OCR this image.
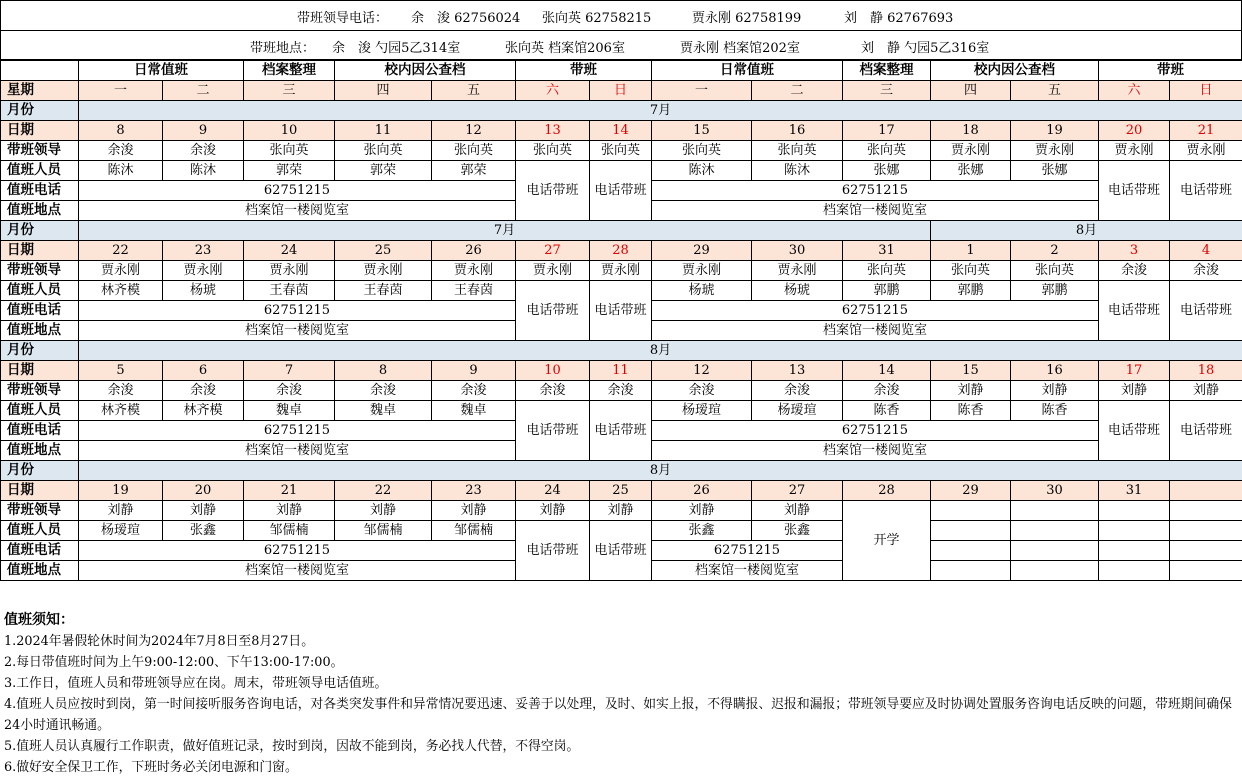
带班领导电话： 余　浚 62756024 张向英 62758215	贾永刚 62758199	刘　静 62767693
带班地点： 余　浚 勺园5乙314室	张向英 档案馆206室	贾永刚 档案馆202室	刘　静 勺园5乙316室
	日常值班		档案整理	校内因公查档		带班		日常值班		档案整理	校内因公查档		带班	
星期	一	二	三	四	五	六	日	一	二	三	四	五	六	日
月份	7月													
日期	8	9	10	11	12	13	14	15	16	17	18	19	20	21
带班领导	余浚	余浚	张向英	张向英	张向英	张向英	张向英	张向英	张向英	张向英	贾永刚	贾永刚	贾永刚	贾永刚
值班人员	陈沐	陈沐	郭荣	郭荣	郭荣	电话带班	电话带班	陈沐	陈沐	张娜	张娜	张娜	电话带班	电话带班
值班电话	62751215							62751215						
值班地点	档案馆一楼阅览室							档案馆一楼阅览室						
月份	7月										8月			
日期	22	23	24	25	26	27	28	29	30	31	1	2	3	4
带班领导	贾永刚	贾永刚	贾永刚	贾永刚	贾永刚	贾永刚	贾永刚	贾永刚	贾永刚	张向英	张向英	张向英	余浚	余浚
值班人员	林齐模	杨琥	王春茵	王春茵	王春茵	电话带班	电话带班	杨琥	杨琥	郭鹏	郭鹏	郭鹏	电话带班	电话带班
值班电话	62751215							62751215						
值班地点	档案馆一楼阅览室							档案馆一楼阅览室						
月份	8月													
日期	5	6	7	8	9	10	11	12	13	14	15	16	17	18
带班领导	余浚	余浚	余浚	余浚	余浚	余浚	余浚	余浚	余浚	余浚	刘静	刘静	刘静	刘静
值班人员	林齐模	林齐模	魏卓	魏卓	魏卓	电话带班	电话带班	杨瑷瑄	杨瑷瑄	陈香	陈香	陈香	电话带班	电话带班
值班电话	62751215							62751215						
值班地点	档案馆一楼阅览室							档案馆一楼阅览室						
月份	8月													
日期	19	20	21	22	23	24	25	26	27	28	29	30	31	
带班领导	刘静	刘静	刘静	刘静	刘静	刘静	刘静	刘静	刘静	开学				
值班人员	杨瑷瑄	张鑫	邹儒楠	邹儒楠	邹儒楠	电话带班	电话带班	张鑫	张鑫					
值班电话	62751215							62751215						
值班地点	档案馆一楼阅览室							档案馆一楼阅览室						
值班须知：
1.2024年暑假轮休时间为2024年7月8日至8月27日。
2.每日带值班时间为上午9:00-12:00、下午13:00-17:00。
3.工作日，值班人员和带班领导应在岗。周末，带班领导电话值班。
4.值班人员应按时到岗，第一时间接听服务咨询电话，对各类突发事件和异常情况要迅速、妥善于以处理，及时、如实上报，不得瞒报、迟报和漏报；带班领导要应及时协调处置服务咨询电话反映的问题，带班期间确保24小时通讯畅通。
5.值班人员认真履行工作职责，做好值班记录，按时到岗，因故不能到岗，务必找人代替，不得空岗。
6.做好安全保卫工作，下班时务必关闭电源和门窗。
